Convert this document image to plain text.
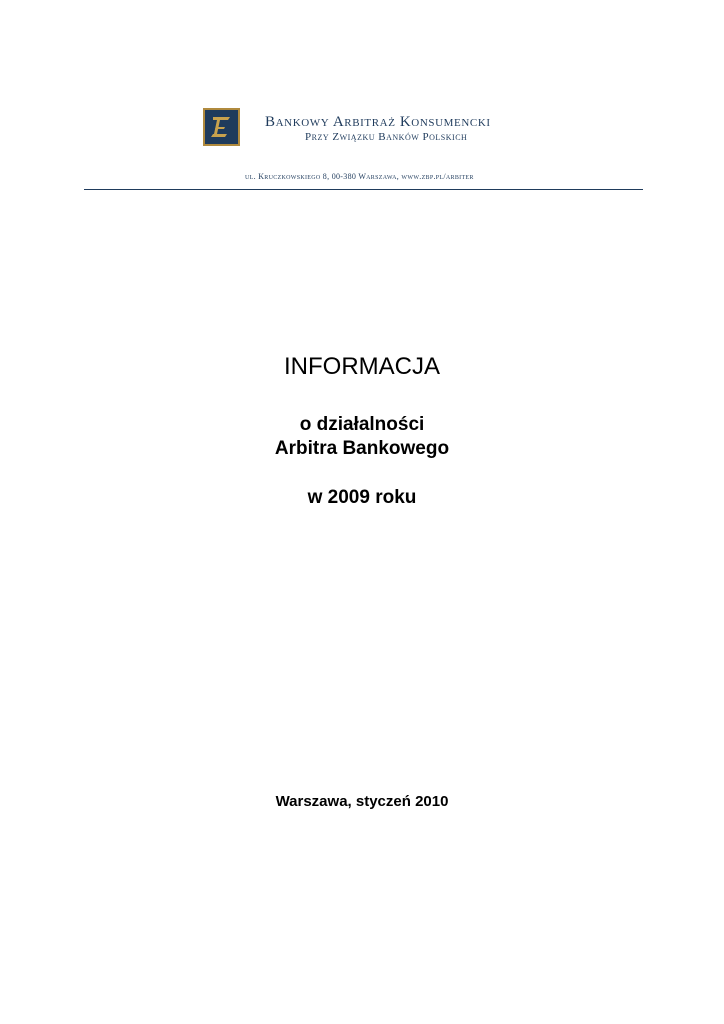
Bankowy Arbitraż Konsumencki
Przy Związku Banków Polskich
ul. Kruczkowskiego 8, 00-380 Warszawa, www.zbp.pl/arbiter
INFORMACJA
o działalności
Arbitra Bankowego
w 2009 roku
Warszawa, styczeń 2010
